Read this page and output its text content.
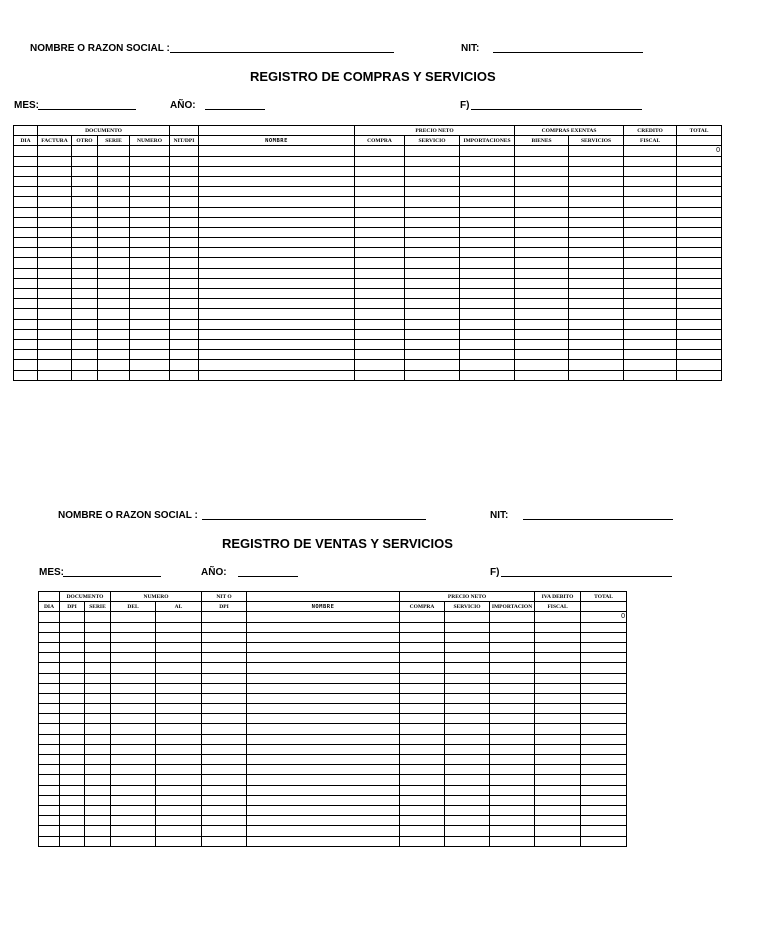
NOMBRE O RAZON SOCIAL :	NIT:
REGISTRO DE COMPRAS Y SERVICIOS
MES:	AÑO:	F)
	DOCUMENTO						PRECIO NETO			COMPRAS EXENTAS		CREDITO	TOTAL
DIA	FACTURA	OTRO	SERIE	NUMERO	NIT/DPI	NOMBRE	COMPRA	SERVICIO	IMPORTACIONES	BIENES	SERVICIOS	FISCAL	
													0

NOMBRE O RAZON SOCIAL :	NIT:
REGISTRO DE VENTAS Y SERVICIOS
MES:	AÑO:	F)
	DOCUMENTO		NUMERO		NIT O		PRECIO NETO			IVA DEBITO	TOTAL
DIA	DPI	SERIE	DEL	AL	DPI	NOMBRE	COMPRA	SERVICIO	IMPORTACION	FISCAL	
											0
